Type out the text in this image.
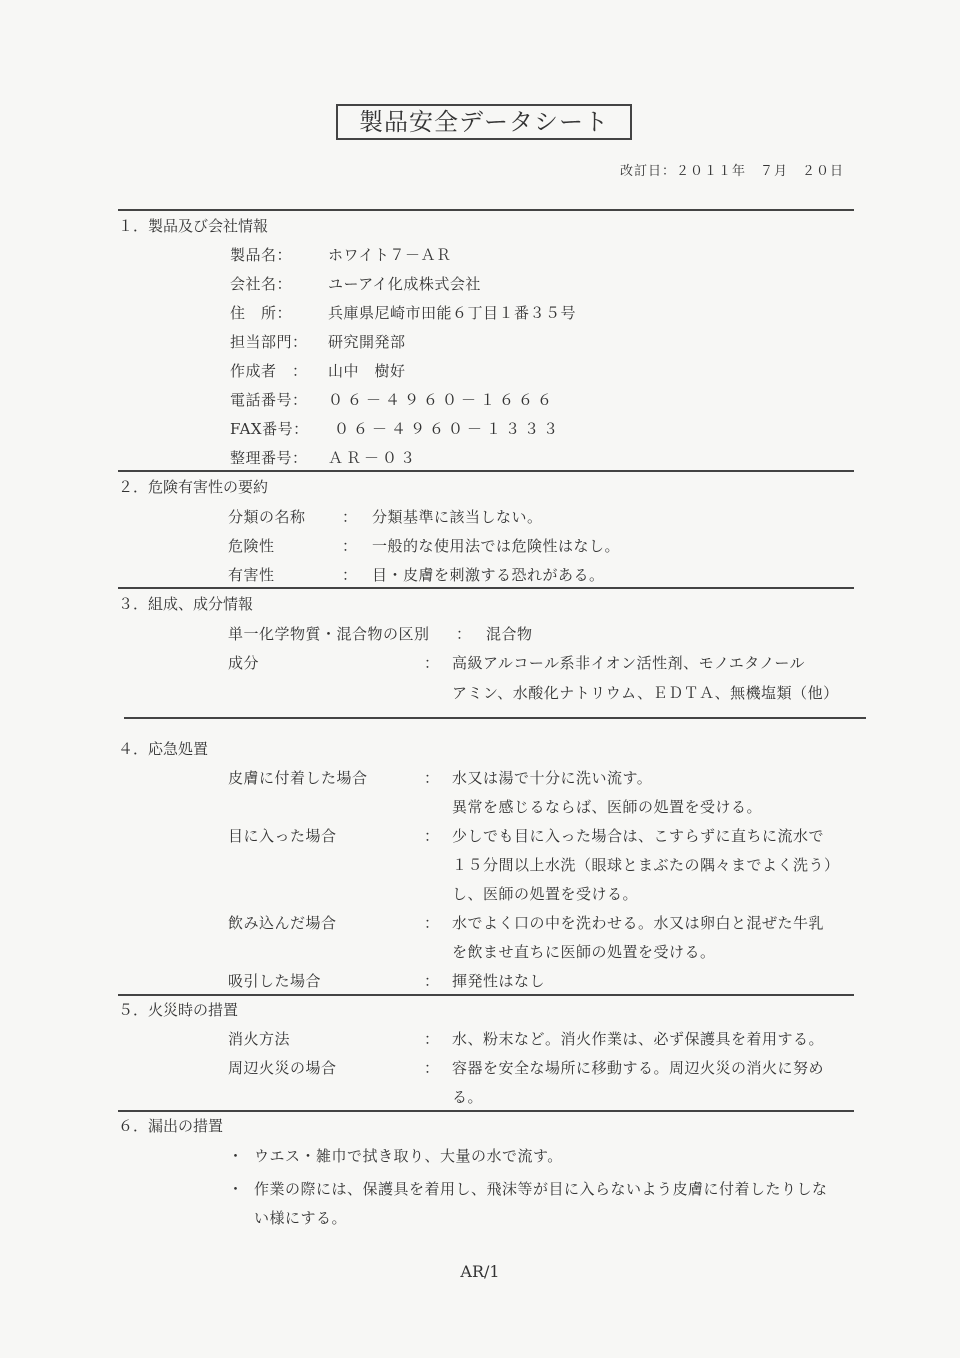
製品安全データシート
改訂日：２０１１年　７月　２０日
１．製品及び会社情報
製品名： ホワイト７－ＡＲ
会社名： ユーアイ化成株式会社
住　所： 兵庫県尼崎市田能６丁目１番３５号
担当部門： 研究開発部
作成者　： 山中　樹好
電話番号： ０６－４９６０－１６６６
FAX番号： ０６－４９６０－１３３３
整理番号： ＡＲ－０３
２．危険有害性の要約
分類の名称 ： 分類基準に該当しない。
危険性	： 一般的な使用法では危険性はなし。
有害性	： 目・皮膚を刺激する恐れがある。
３．組成、成分情報
単一化学物質・混合物の区別 ： 混合物
成分	： 高級アルコール系非イオン活性剤、モノエタノール
アミン、水酸化ナトリウム、ＥＤＴＡ、無機塩類（他）
４．応急処置
皮膚に付着した場合	： 水又は湯で十分に洗い流す。
異常を感じるならば、医師の処置を受ける。
目に入った場合	： 少しでも目に入った場合は、こすらずに直ちに流水で
１５分間以上水洗（眼球とまぶたの隅々までよく洗う）
し、医師の処置を受ける。
飲み込んだ場合	： 水でよく口の中を洗わせる。水又は卵白と混ぜた牛乳
を飲ませ直ちに医師の処置を受ける。
吸引した場合	： 揮発性はなし
５．火災時の措置
消火方法	： 水、粉末など。消火作業は、必ず保護具を着用する。
周辺火災の場合	： 容器を安全な場所に移動する。周辺火災の消火に努め
る。
６．漏出の措置
・ ウエス・雑巾で拭き取り、大量の水で流す。
・ 作業の際には、保護具を着用し、飛沫等が目に入らないよう皮膚に付着したりしな
い様にする。
AR/1
